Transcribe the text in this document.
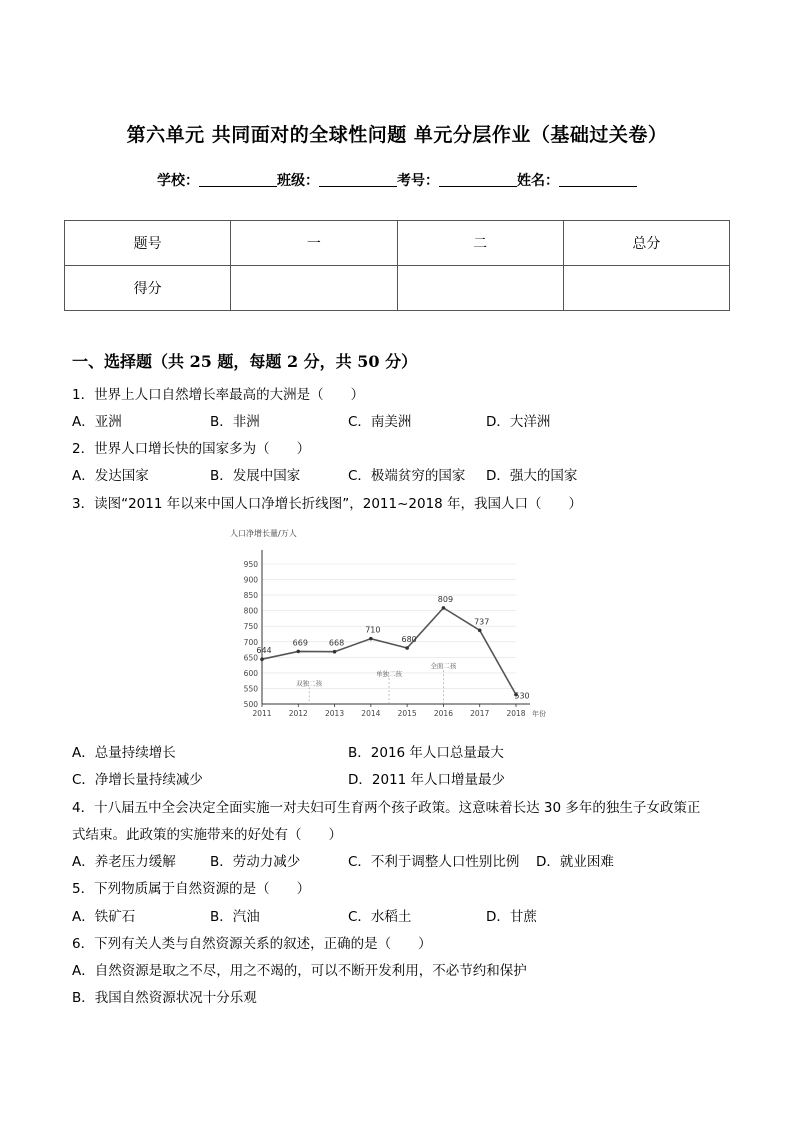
第六单元 共同面对的全球性问题 单元分层作业（基础过关卷）
学校：	班级：	考号：	姓名：
题号	一	二	总分
得分			
一、选择题（共 25 题，每题 2 分，共 50 分）
1．世界上人口自然增长率最高的大洲是（　　）
A．亚洲	B．非洲	C．南美洲	D．大洋洲
2．世界人口增长快的国家多为（　　）
A．发达国家	B．发展中国家	C．极端贫穷的国家 D．强大的国家
3．读图“2011 年以来中国人口净增长折线图”，2011~2018 年，我国人口（　　）
人口净增长量/万人
500
550
600
650
700
750
800
850
900
950
2011 2012 2013 2014 2015 2016 2017 2018 年份
644
669	668
710
680
809
737
530
双独二孩
单独二孩
全面二孩
A．总量持续增长	B．2016 年人口总量最大
C．净增长量持续减少	D．2011 年人口增量最少
4．十八届五中全会决定全面实施一对夫妇可生育两个孩子政策。这意味着长达 30 多年的独生子女政策正
式结束。此政策的实施带来的好处有（　　）
A．养老压力缓解	B．劳动力减少	C．不利于调整人口性别比例 D．就业困难
5．下列物质属于自然资源的是（　　）
A．铁矿石	B．汽油	C．水稻土	D．甘蔗
6．下列有关人类与自然资源关系的叙述，正确的是（　　）
A．自然资源是取之不尽，用之不竭的，可以不断开发利用，不必节约和保护
B．我国自然资源状况十分乐观
